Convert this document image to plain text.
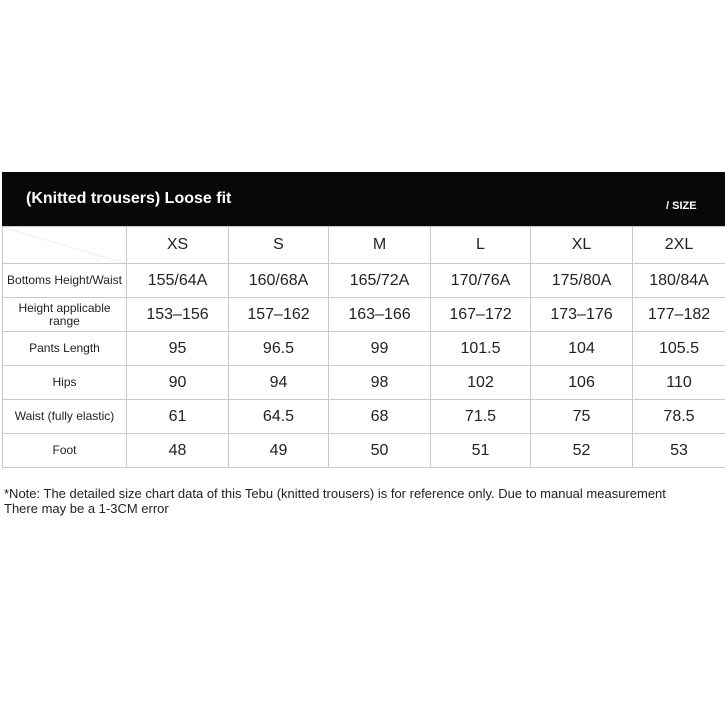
(Knitted trousers) Loose fit	/ SIZE
	XS	S	M	L	XL	2XL
Bottoms Height/Waist	155/64A	160/68A	165/72A	170/76A	175/80A	180/84A
Height applicable range	153–156	157–162	163–166	167–172	173–176	177–182
Pants Length	95	96.5	99	101.5	104	105.5
Hips	90	94	98	102	106	110
Waist (fully elastic)	61	64.5	68	71.5	75	78.5
Foot	48	49	50	51	52	53
*Note: The detailed size chart data of this Tebu (knitted trousers) is for reference only. Due to manual measurement
There may be a 1-3CM error
